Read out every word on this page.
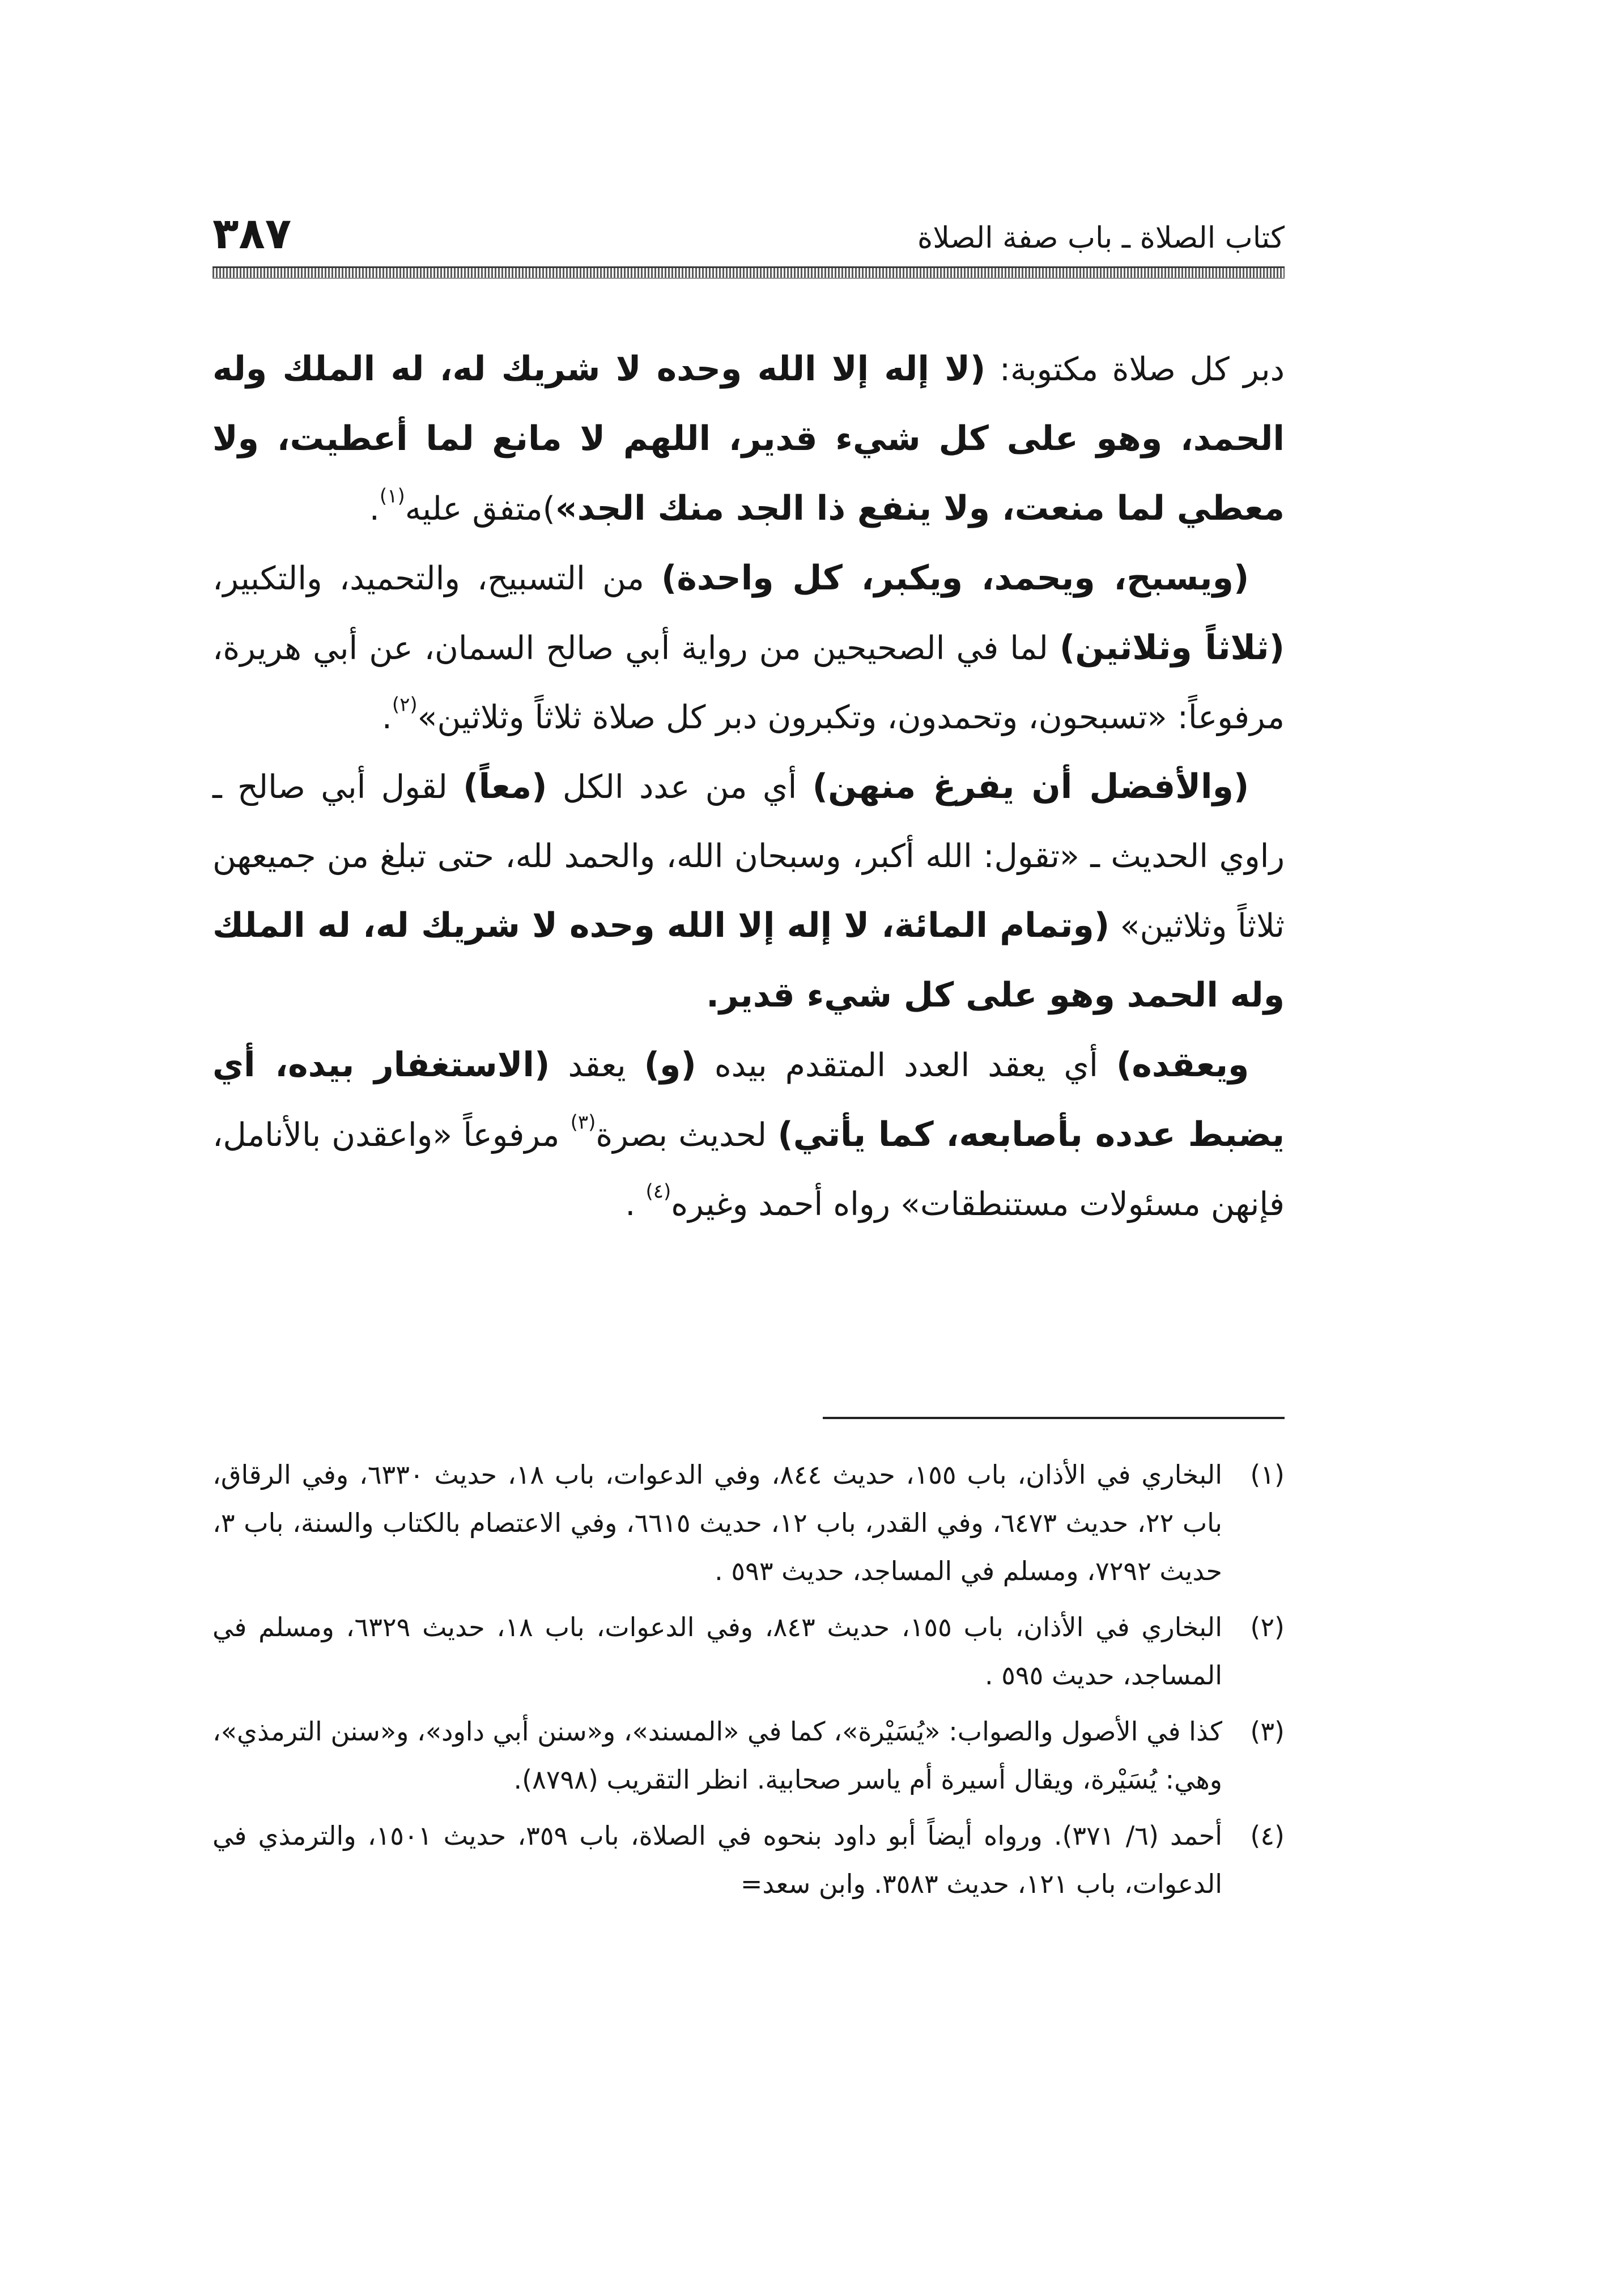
كتاب الصلاة ـ باب صفة الصلاة
٣٨٧

دبر كل صلاة مكتوبة: (لا إله إلا الله وحده لا شريك له، له الملك وله الحمد، وهو على كل شيء قدير، اللهم لا مانع لما أعطيت، ولا معطي لما منعت، ولا ينفع ذا الجد منك الجد»)متفق عليه$^{(١)}$.

(ويسبح، ويحمد، ويكبر، كل واحدة) من التسبيح، والتحميد، والتكبير، (ثلاثاً وثلاثين) لما في الصحيحين من رواية أبي صالح السمان، عن أبي هريرة، مرفوعاً: «تسبحون، وتحمدون، وتكبرون دبر كل صلاة ثلاثاً وثلاثين»$^{(٢)}$.

(والأفضل أن يفرغ منهن) أي من عدد الكل (معاً) لقول أبي صالح ـ راوي الحديث ـ «تقول: الله أكبر، وسبحان الله، والحمد لله، حتى تبلغ من جميعهن ثلاثاً وثلاثين» (وتمام المائة، لا إله إلا الله وحده لا شريك له، له الملك وله الحمد وهو على كل شيء قدير.

ويعقده) أي يعقد العدد المتقدم بيده (و) يعقد (الاستغفار بيده، أي يضبط عدده بأصابعه، كما يأتي) لحديث بصرة$^{(٣)}$ مرفوعاً «واعقدن بالأنامل، فإنهن مسئولات مستنطقات» رواه أحمد وغيره$^{(٤)}$ .

(١)
البخاري في الأذان، باب ١٥٥، حديث ٨٤٤، وفي الدعوات، باب ١٨، حديث ٦٣٣٠، وفي الرقاق، باب ٢٢، حديث ٦٤٧٣، وفي القدر، باب ١٢، حديث ٦٦١٥، وفي الاعتصام بالكتاب والسنة، باب ٣، حديث ٧٢٩٢، ومسلم في المساجد، حديث ٥٩٣ .
(٢)
البخاري في الأذان، باب ١٥٥، حديث ٨٤٣، وفي الدعوات، باب ١٨، حديث ٦٣٢٩، ومسلم في المساجد، حديث ٥٩٥ .
(٣)
كذا في الأصول والصواب: «يُسَيْرة»، كما في «المسند»، و«سنن أبي داود»، و«سنن الترمذي»، وهي: يُسَيْرة، ويقال أسيرة أم ياسر صحابية. انظر التقريب (٨٧٩٨).
(٤)
أحمد (٦/ ٣٧١). ورواه أيضاً أبو داود بنحوه في الصلاة، باب ٣٥٩، حديث ١٥٠١، والترمذي في الدعوات، باب ١٢١، حديث ٣٥٨٣. وابن سعد=
